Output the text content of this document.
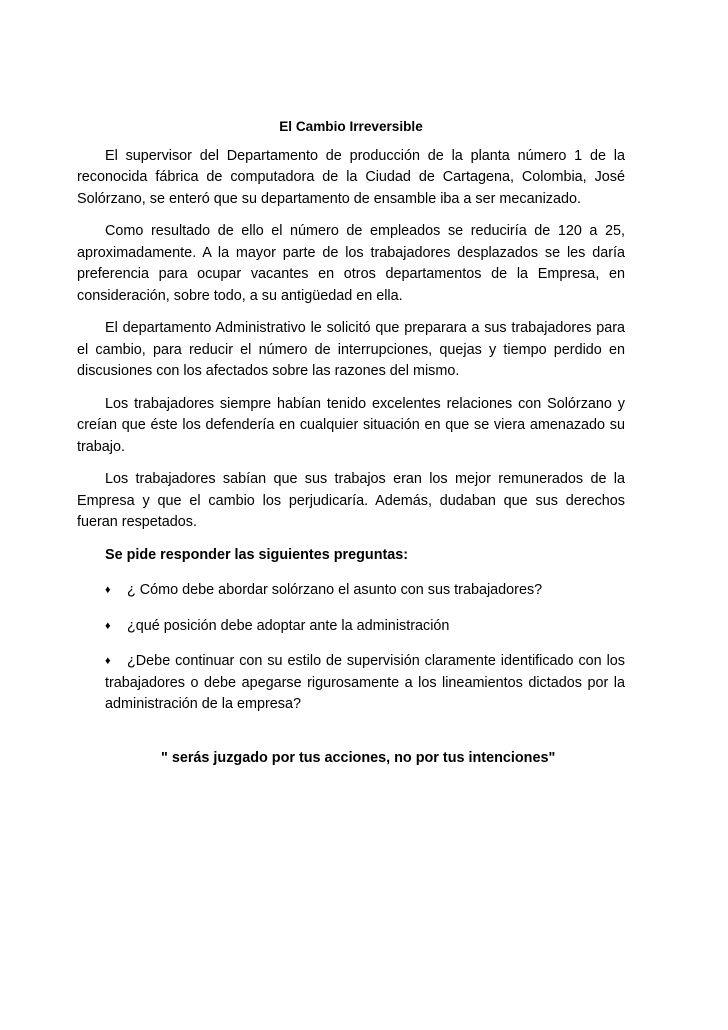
El Cambio Irreversible

El supervisor del Departamento de producción de la planta número 1 de la reconocida fábrica de computadora de la Ciudad de Cartagena, Colombia, José Solórzano, se enteró que su departamento de ensamble iba a ser mecanizado.

Como resultado de ello el número de empleados se reduciría de 120 a 25, aproximadamente. A la mayor parte de los trabajadores desplazados se les daría preferencia para ocupar vacantes en otros departamentos de la Empresa, en consideración, sobre todo, a su antigüedad en ella.

El departamento Administrativo le solicitó que preparara a sus trabajadores para el cambio, para reducir el número de interrupciones, quejas y tiempo perdido en discusiones con los afectados sobre las razones del mismo.

Los trabajadores siempre habían tenido excelentes relaciones con Solórzano y creían que éste los defendería en cualquier situación en que se viera amenazado su trabajo.

Los trabajadores sabían que sus trabajos eran los mejor remunerados de la Empresa y que el cambio los perjudicaría. Además, dudaban que sus derechos fueran respetados.

Se pide responder las siguientes preguntas:
♦ ¿ Cómo debe abordar solórzano el asunto con sus trabajadores?
♦ ¿qué posición debe adoptar ante la administración
♦ ¿Debe continuar con su estilo de supervisión claramente identificado con los trabajadores o debe apegarse rigurosamente a los lineamientos dictados por la administración de la empresa?
" serás juzgado por tus acciones, no por tus intenciones"
